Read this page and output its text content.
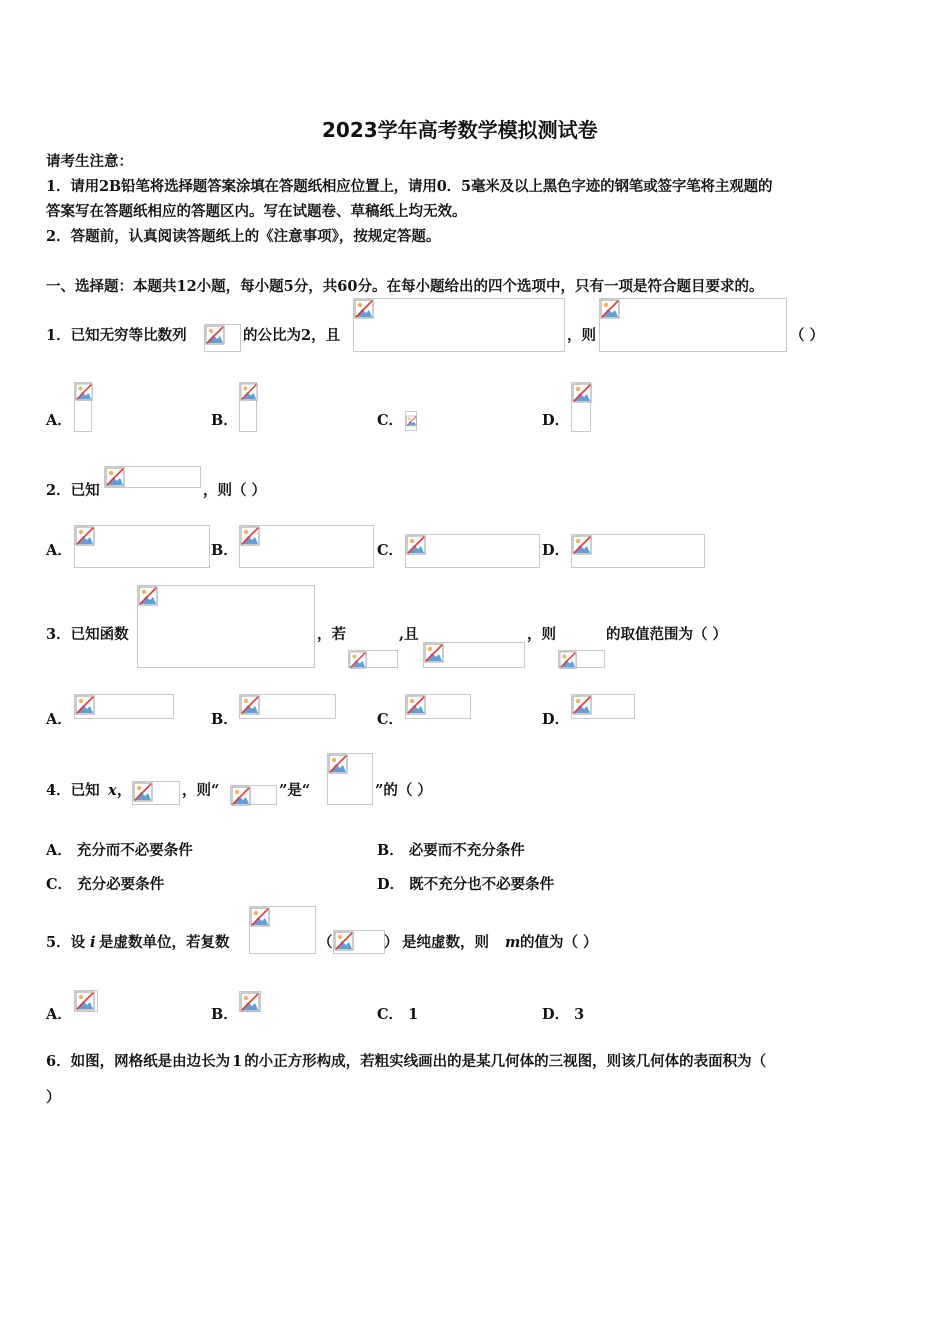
2023学年高考数学模拟测试卷
请考生注意：
1．请用2B铅笔将选择题答案涂填在答题纸相应位置上，请用0．5毫米及以上黑色字迹的钢笔或签字笔将主观题的
答案写在答题纸相应的答题区内。写在试题卷、草稿纸上均无效。
2．答题前，认真阅读答题纸上的《注意事项》，按规定答题。
一、选择题：本题共12小题，每小题5分，共60分。在每小题给出的四个选项中，只有一项是符合题目要求的。
1．已知无穷等比数列	的公比为2，且	，则	（ ）
A．	B．	C．	D．
2．已知	，则（ ）
A．	B．	C．	D．
3．已知函数	，若	,且	，则	的取值范围为（ ）
A．	B．	C．	D．
4．已知 x ，	，则“	”是“	”的（ ）
A． 充分而不必要条件	B． 必要而不充分条件
C． 充分必要条件	D． 既不充分也不必要条件
5．设 i 是虚数单位，若复数	（	） 是纯虚数，则 m 的值为（ ）
A．	B．	C． 1	D． 3
6．如图，网格纸是由边长为 1 的小正方形构成，若粗实线画出的是某几何体的三视图，则该几何体的表面积为（
）
